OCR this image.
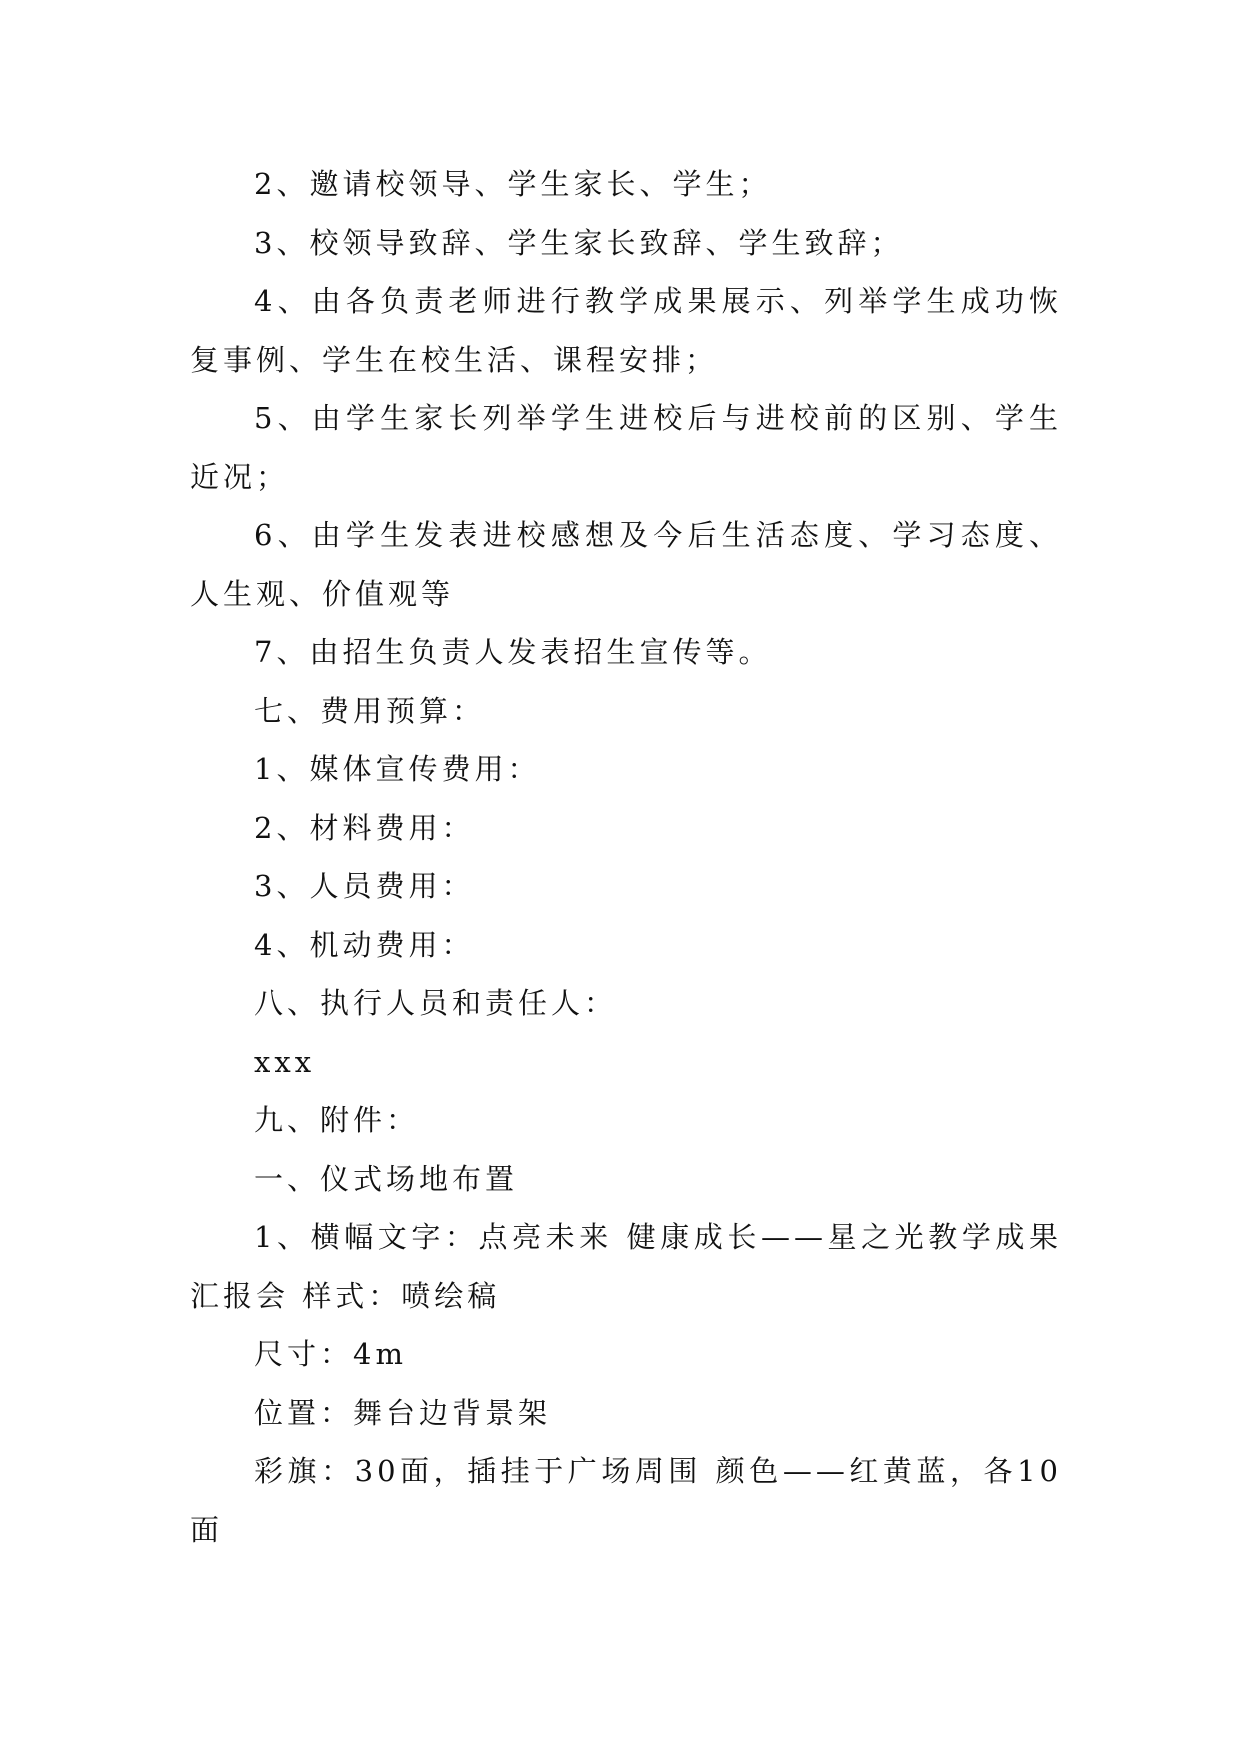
2、邀请校领导、学生家长、学生；

3、校领导致辞、学生家长致辞、学生致辞；

4、由各负责老师进行教学成果展示、列举学生成功恢复事例、学生在校生活、课程安排；

5、由学生家长列举学生进校后与进校前的区别、学生近况；

6、由学生发表进校感想及今后生活态度、学习态度、人生观、价值观等

7、由招生负责人发表招生宣传等。

七、费用预算：

1、媒体宣传费用：

2、材料费用：

3、人员费用：

4、机动费用：

八、执行人员和责任人：

xxx

九、附件：

一、仪式场地布置

1、横幅文字：点亮未来 健康成长——星之光教学成果汇报会 样式：喷绘稿

尺寸：4m

位置：舞台边背景架

彩旗：30面，插挂于广场周围 颜色——红黄蓝，各10面
